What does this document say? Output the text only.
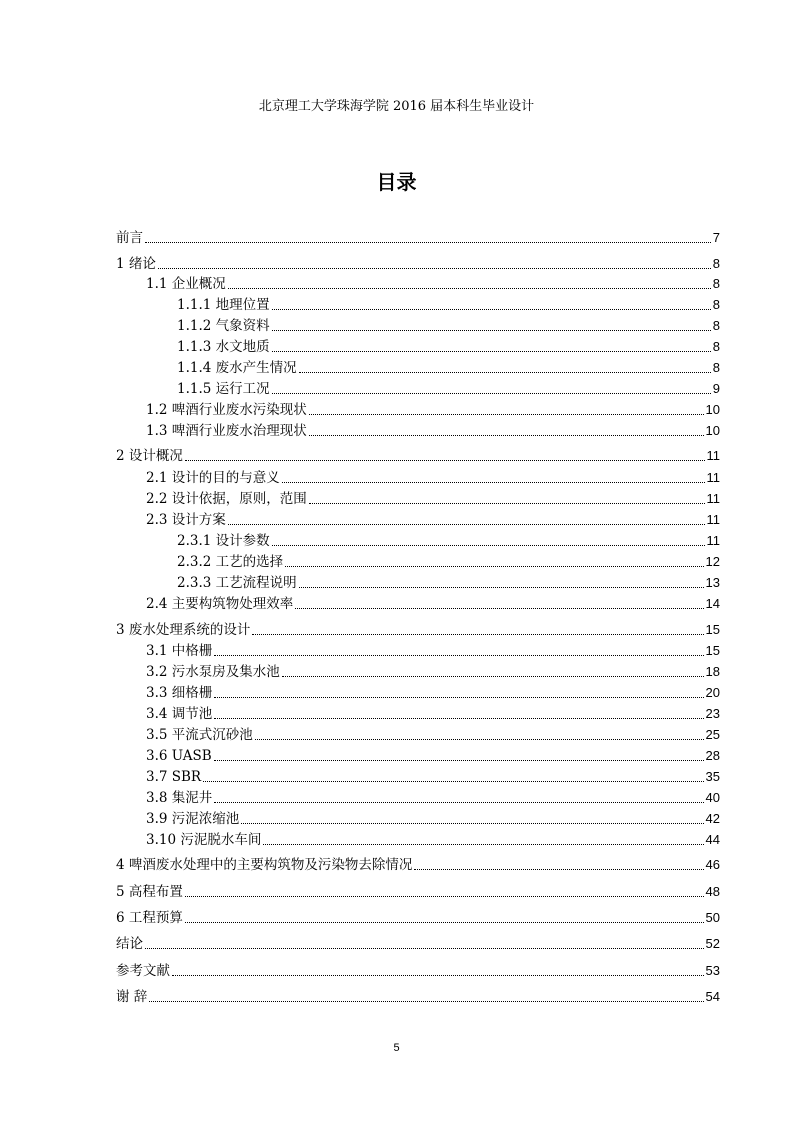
北京理工大学珠海学院 2016 届本科生毕业设计
目录
前言	7
1 绪论	8
1.1 企业概况	8
1.1.1 地理位置	8
1.1.2 气象资料	8
1.1.3 水文地质	8
1.1.4 废水产生情况	8
1.1.5 运行工况	9
1.2 啤酒行业废水污染现状	10
1.3 啤酒行业废水治理现状	10
2 设计概况	11
2.1 设计的目的与意义	11
2.2 设计依据，原则，范围	11
2.3 设计方案	11
2.3.1 设计参数	11
2.3.2 工艺的选择	12
2.3.3 工艺流程说明	13
2.4 主要构筑物处理效率	14
3 废水处理系统的设计	15
3.1 中格栅	15
3.2 污水泵房及集水池	18
3.3 细格栅	20
3.4 调节池	23
3.5 平流式沉砂池	25
3.6 UASB	28
3.7 SBR	35
3.8 集泥井	40
3.9 污泥浓缩池	42
3.10 污泥脱水车间	44
4 啤酒废水处理中的主要构筑物及污染物去除情况	46
5 高程布置	48
6 工程预算	50
结论	52
参考文献	53
谢 辞	54
5
